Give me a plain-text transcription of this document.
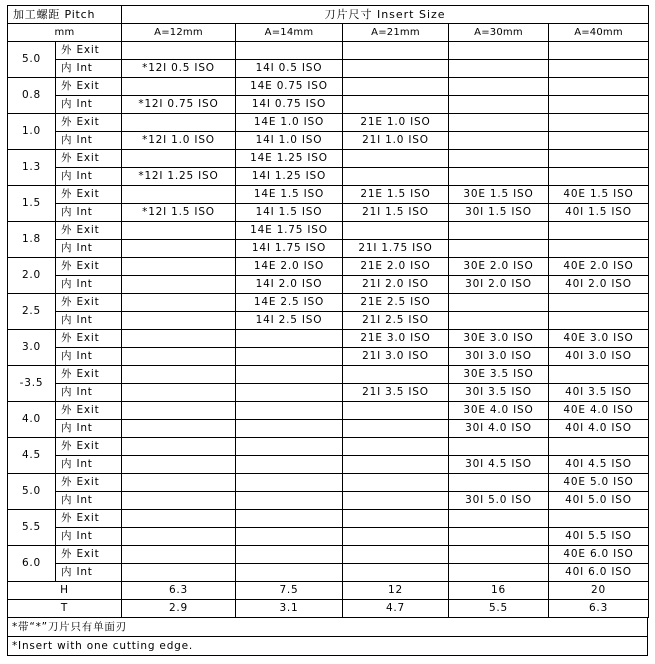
加工螺距 Pitch		刀片尺寸 Insert Size				
mm		A=12mm	A=14mm	A=21mm	A=30mm	A=40mm
5.0	外 Exit					
	内 Int	*12I 0.5 ISO	14I 0.5 ISO			
0.8	外 Exit		14E 0.75 ISO			
	内 Int	*12I 0.75 ISO	14I 0.75 ISO			
1.0	外 Exit		14E 1.0 ISO	21E 1.0 ISO		
	内 Int	*12I 1.0 ISO	14I 1.0 ISO	21I 1.0 ISO		
1.3	外 Exit		14E 1.25 ISO			
	内 Int	*12I 1.25 ISO	14I 1.25 ISO			
1.5	外 Exit		14E 1.5 ISO	21E 1.5 ISO	30E 1.5 ISO	40E 1.5 ISO
	内 Int	*12I 1.5 ISO	14I 1.5 ISO	21I 1.5 ISO	30I 1.5 ISO	40I 1.5 ISO
1.8	外 Exit		14E 1.75 ISO			
	内 Int		14I 1.75 ISO	21I 1.75 ISO		
2.0	外 Exit		14E 2.0 ISO	21E 2.0 ISO	30E 2.0 ISO	40E 2.0 ISO
	内 Int		14I 2.0 ISO	21I 2.0 ISO	30I 2.0 ISO	40I 2.0 ISO
2.5	外 Exit		14E 2.5 ISO	21E 2.5 ISO		
	内 Int		14I 2.5 ISO	21I 2.5 ISO		
3.0	外 Exit			21E 3.0 ISO	30E 3.0 ISO	40E 3.0 ISO
	内 Int			21I 3.0 ISO	30I 3.0 ISO	40I 3.0 ISO
-3.5	外 Exit				30E 3.5 ISO	
	内 Int			21I 3.5 ISO	30I 3.5 ISO	40I 3.5 ISO
4.0	外 Exit				30E 4.0 ISO	40E 4.0 ISO
	内 Int				30I 4.0 ISO	40I 4.0 ISO
4.5	外 Exit					
	内 Int				30I 4.5 ISO	40I 4.5 ISO
5.0	外 Exit					40E 5.0 ISO
	内 Int				30I 5.0 ISO	40I 5.0 ISO
5.5	外 Exit					
	内 Int					40I 5.5 ISO
6.0	外 Exit					40E 6.0 ISO
	内 Int					40I 6.0 ISO
H		6.3	7.5	12	16	20
T		2.9	3.1	4.7	5.5	6.3
*带“*”刀片只有单面刃
*Insert with one cutting edge.
